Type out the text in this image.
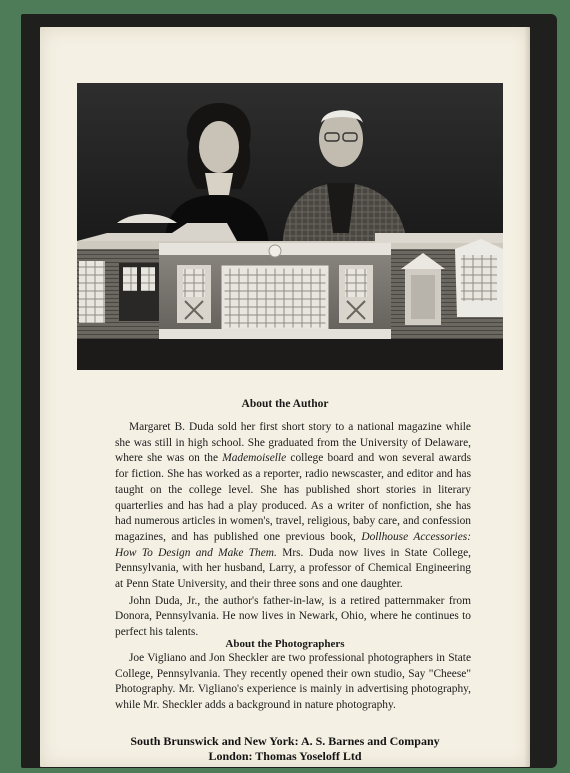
About the Author

Margaret B. Duda sold her first short story to a national magazine while she was still in high school. She graduated from the University of Delaware, where she was on the Mademoiselle college board and won several awards for fiction. She has worked as a reporter, radio newscaster, and editor and has taught on the college level. She has published short stories in literary quarterlies and has had a play produced. As a writer of nonfiction, she has had numerous articles in women's, travel, religious, baby care, and confession magazines, and has published one previous book, Dollhouse Accessories: How To Design and Make Them. Mrs. Duda now lives in State College, Pennsylvania, with her husband, Larry, a professor of Chemical Engineering at Penn State University, and their three sons and one daughter.

John Duda, Jr., the author's father-in-law, is a retired patternmaker from Donora, Pennsylvania. He now lives in Newark, Ohio, where he continues to perfect his talents.

About the Photographers

Joe Vigliano and Jon Sheckler are two professional photographers in State College, Pennsylvania. They recently opened their own studio, Say "Cheese" Photography. Mr. Vigliano's experience is mainly in advertising photography, while Mr. Sheckler adds a background in nature photography.

South Brunswick and New York: A. S. Barnes and Company
London: Thomas Yoseloff Ltd
